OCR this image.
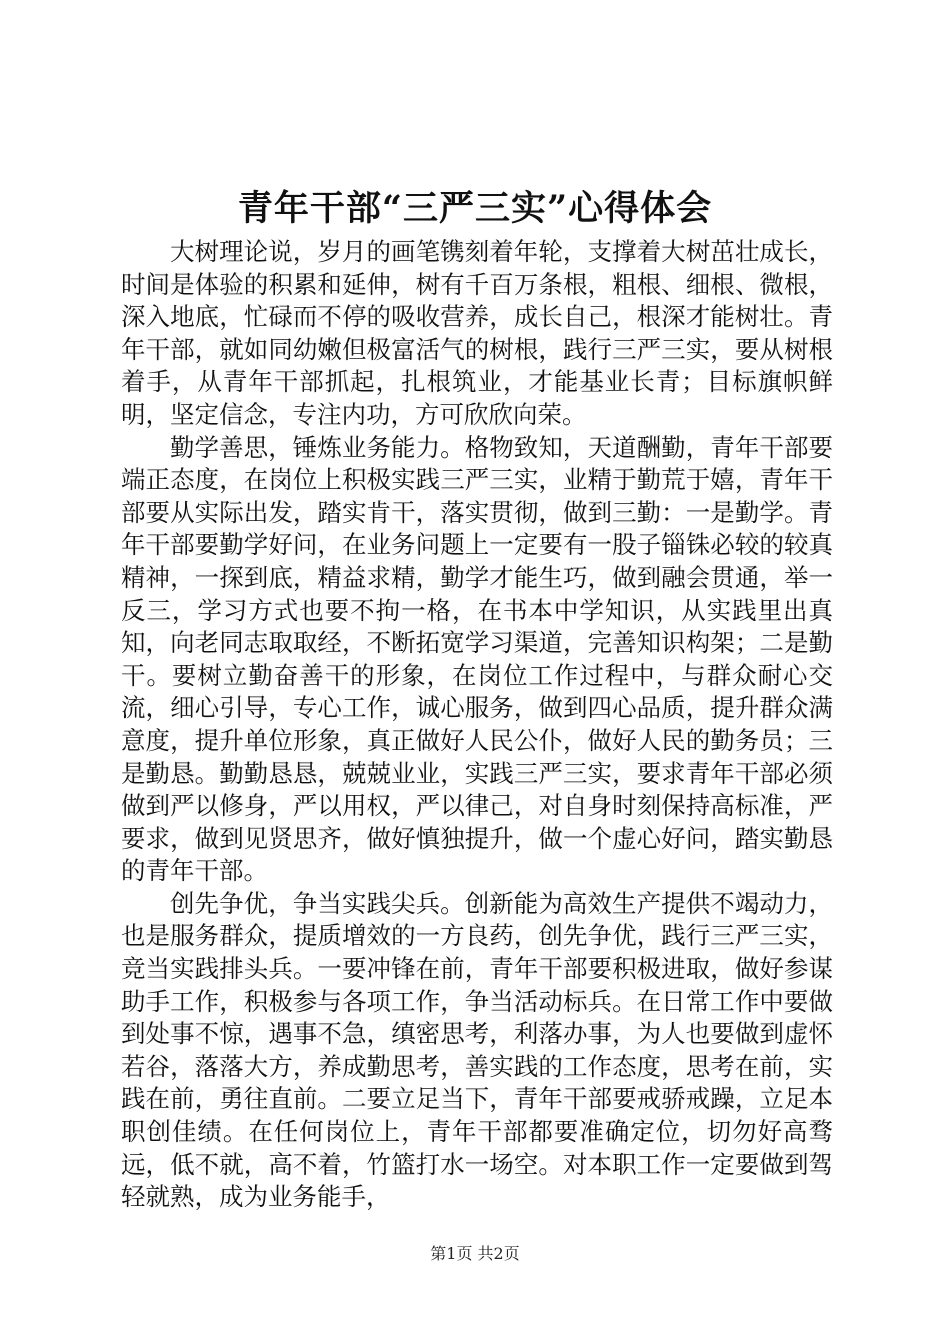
青年干部“三严三实”心得体会

大树理论说，岁月的画笔镌刻着年轮，支撑着大树茁壮成长，时间是体验的积累和延伸，树有千百万条根，粗根、细根、微根，深入地底，忙碌而不停的吸收营养，成长自己，根深才能树壮。青年干部，就如同幼嫩但极富活气的树根，践行三严三实，要从树根着手，从青年干部抓起，扎根筑业，才能基业长青；目标旗帜鲜明，坚定信念，专注内功，方可欣欣向荣。

勤学善思，锤炼业务能力。格物致知，天道酬勤，青年干部要端正态度，在岗位上积极实践三严三实，业精于勤荒于嬉，青年干部要从实际出发，踏实肯干，落实贯彻，做到三勤：一是勤学。青年干部要勤学好问，在业务问题上一定要有一股子锱铢必较的较真精神，一探到底，精益求精，勤学才能生巧，做到融会贯通，举一反三，学习方式也要不拘一格，在书本中学知识，从实践里出真知，向老同志取取经，不断拓宽学习渠道，完善知识构架；二是勤干。要树立勤奋善干的形象，在岗位工作过程中，与群众耐心交流，细心引导，专心工作，诚心服务，做到四心品质，提升群众满意度，提升单位形象，真正做好人民公仆，做好人民的勤务员；三是勤恳。勤勤恳恳，兢兢业业，实践三严三实，要求青年干部必须做到严以修身，严以用权，严以律己，对自身时刻保持高标准，严要求，做到见贤思齐，做好慎独提升，做一个虚心好问，踏实勤恳的青年干部。

创先争优，争当实践尖兵。创新能为高效生产提供不竭动力，也是服务群众，提质增效的一方良药，创先争优，践行三严三实，竞当实践排头兵。一要冲锋在前，青年干部要积极进取，做好参谋助手工作，积极参与各项工作，争当活动标兵。在日常工作中要做到处事不惊，遇事不急，缜密思考，利落办事，为人也要做到虚怀若谷，落落大方，养成勤思考，善实践的工作态度，思考在前，实践在前，勇往直前。二要立足当下，青年干部要戒骄戒躁，立足本职创佳绩。在任何岗位上，青年干部都要准确定位，切勿好高骛远，低不就，高不着，竹篮打水一场空。对本职工作一定要做到驾轻就熟，成为业务能手，

第1页 共2页
